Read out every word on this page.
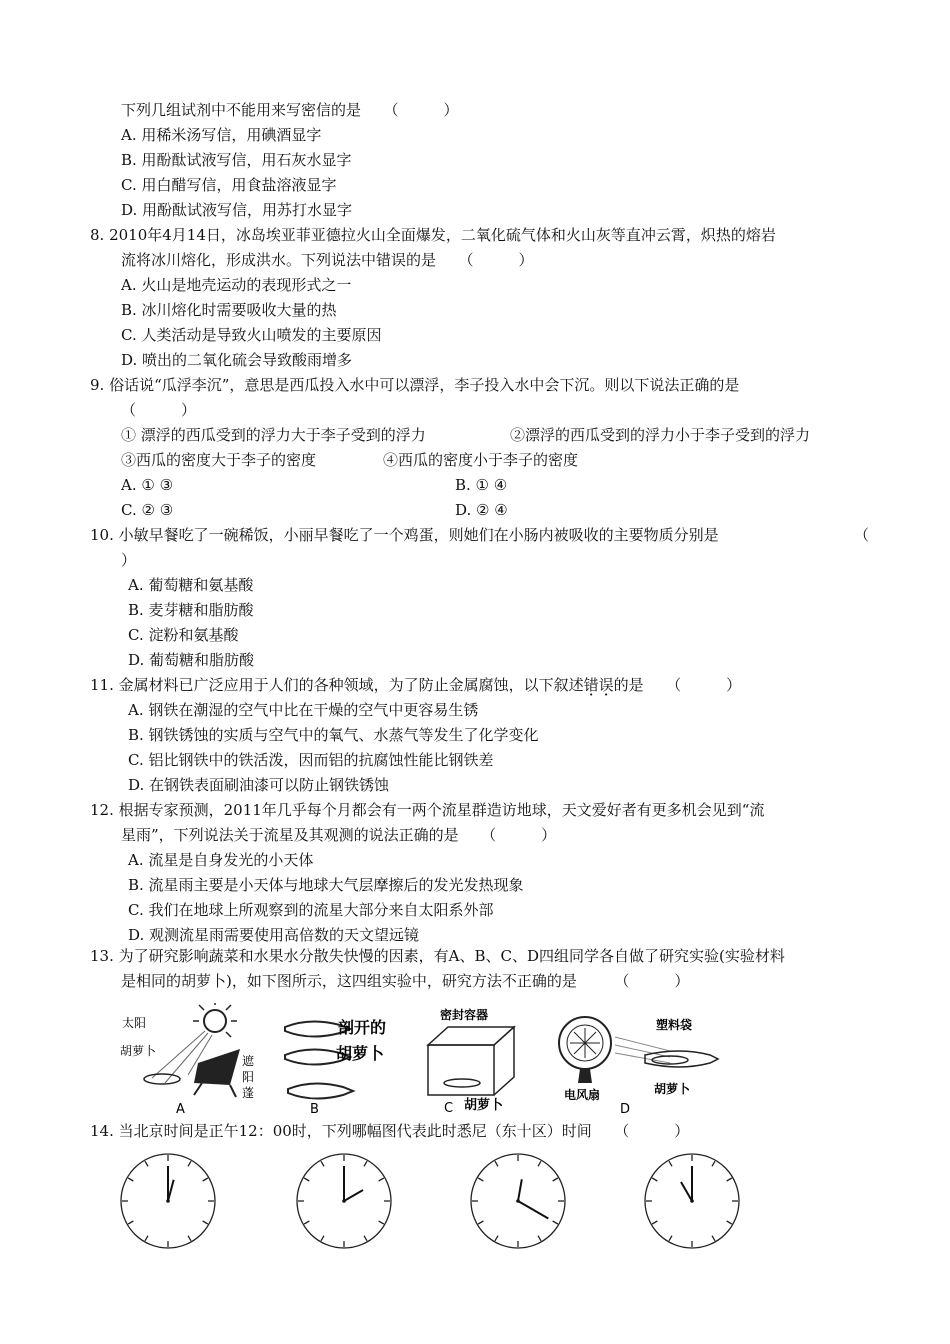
下列几组试剂中不能用来写密信的是　　（　　　）
A. 用稀米汤写信，用碘酒显字
B. 用酚酞试液写信，用石灰水显字
C. 用白醋写信，用食盐溶液显字
D. 用酚酞试液写信，用苏打水显字
8. 2010年4月14日，冰岛埃亚菲亚德拉火山全面爆发，二氧化硫气体和火山灰等直冲云霄，炽热的熔岩
流将冰川熔化，形成洪水。下列说法中错误的是　　（　　　）
A. 火山是地壳运动的表现形式之一
B. 冰川熔化时需要吸收大量的热
C. 人类活动是导致火山喷发的主要原因
D. 喷出的二氧化硫会导致酸雨增多
9. 俗话说“瓜浮李沉”，意思是西瓜投入水中可以漂浮，李子投入水中会下沉。则以下说法正确的是
（　　　）
① 漂浮的西瓜受到的浮力大于李子受到的浮力	②漂浮的西瓜受到的浮力小于李子受到的浮力
③西瓜的密度大于李子的密度	④西瓜的密度小于李子的密度
A. ① ③	B. ① ④
C. ② ③	D. ② ④
10. 小敏早餐吃了一碗稀饭，小丽早餐吃了一个鸡蛋，则她们在小肠内被吸收的主要物质分别是	（
）
A. 葡萄糖和氨基酸
B. 麦芽糖和脂肪酸
C. 淀粉和氨基酸
D. 葡萄糖和脂肪酸
11. 金属材料已广泛应用于人们的各种领域，为了防止金属腐蚀，以下叙述错误的是　　（　　　）
A. 钢铁在潮湿的空气中比在干燥的空气中更容易生锈
B. 钢铁锈蚀的实质与空气中的氧气、水蒸气等发生了化学变化
C. 铝比钢铁中的铁活泼，因而铝的抗腐蚀性能比钢铁差
D. 在钢铁表面刷油漆可以防止钢铁锈蚀
12. 根据专家预测，2011年几乎每个月都会有一两个流星群造访地球，天文爱好者有更多机会见到“流
星雨”，下列说法关于流星及其观测的说法正确的是　　（　　　）
A. 流星是自身发光的小天体
B. 流星雨主要是小天体与地球大气层摩擦后的发光发热现象
C. 我们在地球上所观察到的流星大部分来自太阳系外部
D. 观测流星雨需要使用高倍数的天文望远镜
13. 为了研究影响蔬菜和水果水分散失快慢的因素，有A、B、C、D四组同学各自做了研究实验(实验材料
是相同的胡萝卜)，如下图所示，这四组实验中，研究方法不正确的是　　　（　　　）
太阳
胡萝卜
遮
阳
蓬
A
剖开的
胡萝卜
B
密封容器
C 胡萝卜
塑料袋
电风扇	胡萝卜
D
14. 当北京时间是正午12：00时，下列哪幅图代表此时悉尼（东十区）时间　　（　　　）
